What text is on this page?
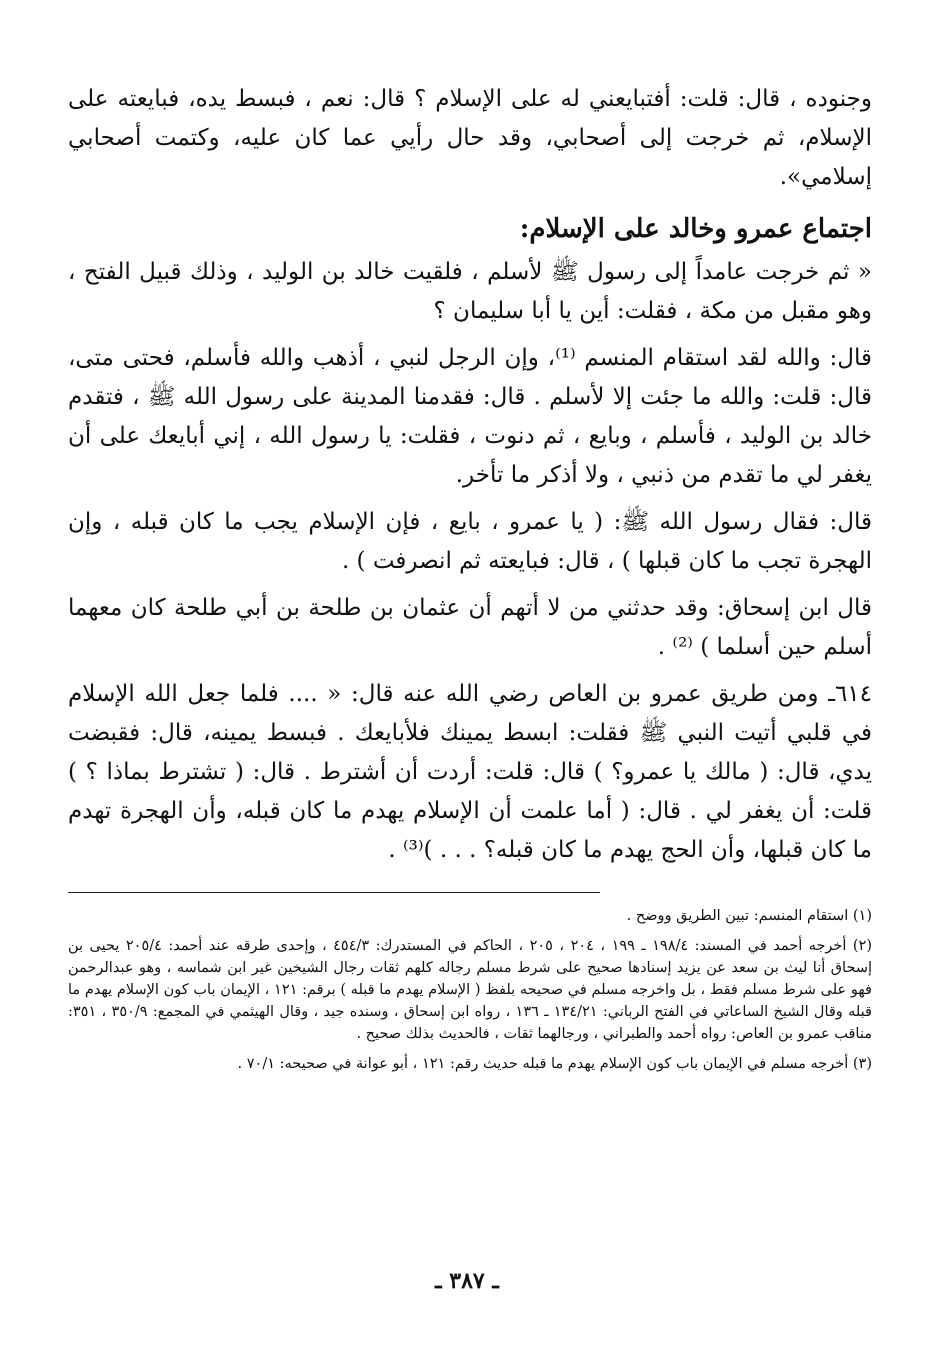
وجنوده ، قال: قلت: أفتبايعني له على الإسلام ؟ قال: نعم ، فبسط يده، فبايعته على الإسلام، ثم خرجت إلى أصحابي، وقد حال رأيي عما كان عليه، وكتمت أصحابي إسلامي».

اجتماع عمرو وخالد على الإسلام:

« ثم خرجت عامداً إلى رسول ﷺ لأسلم ، فلقيت خالد بن الوليد ، وذلك قبيل الفتح ، وهو مقبل من مكة ، فقلت: أين يا أبا سليمان ؟

قال: والله لقد استقام المنسم ⁽¹⁾، وإن الرجل لنبي ، أذهب والله فأسلم، فحتى متى، قال: قلت: والله ما جئت إلا لأسلم . قال: فقدمنا المدينة على رسول الله ﷺ ، فتقدم خالد بن الوليد ، فأسلم ، وبايع ، ثم دنوت ، فقلت: يا رسول الله ، إني أبايعك على أن يغفر لي ما تقدم من ذنبي ، ولا أذكر ما تأخر.

قال: فقال رسول الله ﷺ: ( يا عمرو ، بايع ، فإن الإسلام يجب ما كان قبله ، وإن الهجرة تجب ما كان قبلها ) ، قال: فبايعته ثم انصرفت ) .

قال ابن إسحاق: وقد حدثني من لا أتهم أن عثمان بن طلحة بن أبي طلحة كان معهما أسلم حين أسلما ) ⁽²⁾ .

٦١٤ـ ومن طريق عمرو بن العاص رضي الله عنه قال: « .... فلما جعل الله الإسلام في قلبي أتيت النبي ﷺ فقلت: ابسط يمينك فلأبايعك . فبسط يمينه، قال: فقبضت يدي، قال: ( مالك يا عمرو؟ ) قال: قلت: أردت أن أشترط . قال: ( تشترط بماذا ؟ ) قلت: أن يغفر لي . قال: ( أما علمت أن الإسلام يهدم ما كان قبله، وأن الهجرة تهدم ما كان قبلها، وأن الحج يهدم ما كان قبله؟ . . . )⁽³⁾ .

(١) استقام المنسم: تبين الطريق ووضح .

(٢) أخرجه أحمد في المسند: ١٩٨/٤ ـ ١٩٩ ، ٢٠٤ ، ٢٠٥ ، الحاكم في المستدرك: ٤٥٤/٣ ، وإحدى طرقه عند أحمد: ٢٠٥/٤ يحيى بن إسحاق أنا ليث بن سعد عن يزيد إسنادها صحيح على شرط مسلم رجاله كلهم ثقات رجال الشيخين غير ابن شماسه ، وهو عبدالرحمن فهو على شرط مسلم فقط ، بل واخرجه مسلم في صحيحه بلفظ ( الإسلام يهدم ما قبله ) برقم: ١٢١ ، الإيمان باب كون الإسلام يهدم ما قبله وقال الشيخ الساعاتي في الفتح الرباني: ١٣٤/٢١ ـ ١٣٦ ، رواه ابن إسحاق ، وسنده جيد ، وقال الهيثمي في المجمع: ٣٥٠/٩ ، ٣٥١: مناقب عمرو بن العاص: رواه أحمد والطبراني ، ورجالهما ثقات ، فالحديث بذلك صحيح .

(٣) أخرجه مسلم في الإيمان باب كون الإسلام يهدم ما قبله حديث رقم: ١٢١ ، أبو عوانة في صحيحه: ٧٠/١ .

ـ ٣٨٧ ـ
